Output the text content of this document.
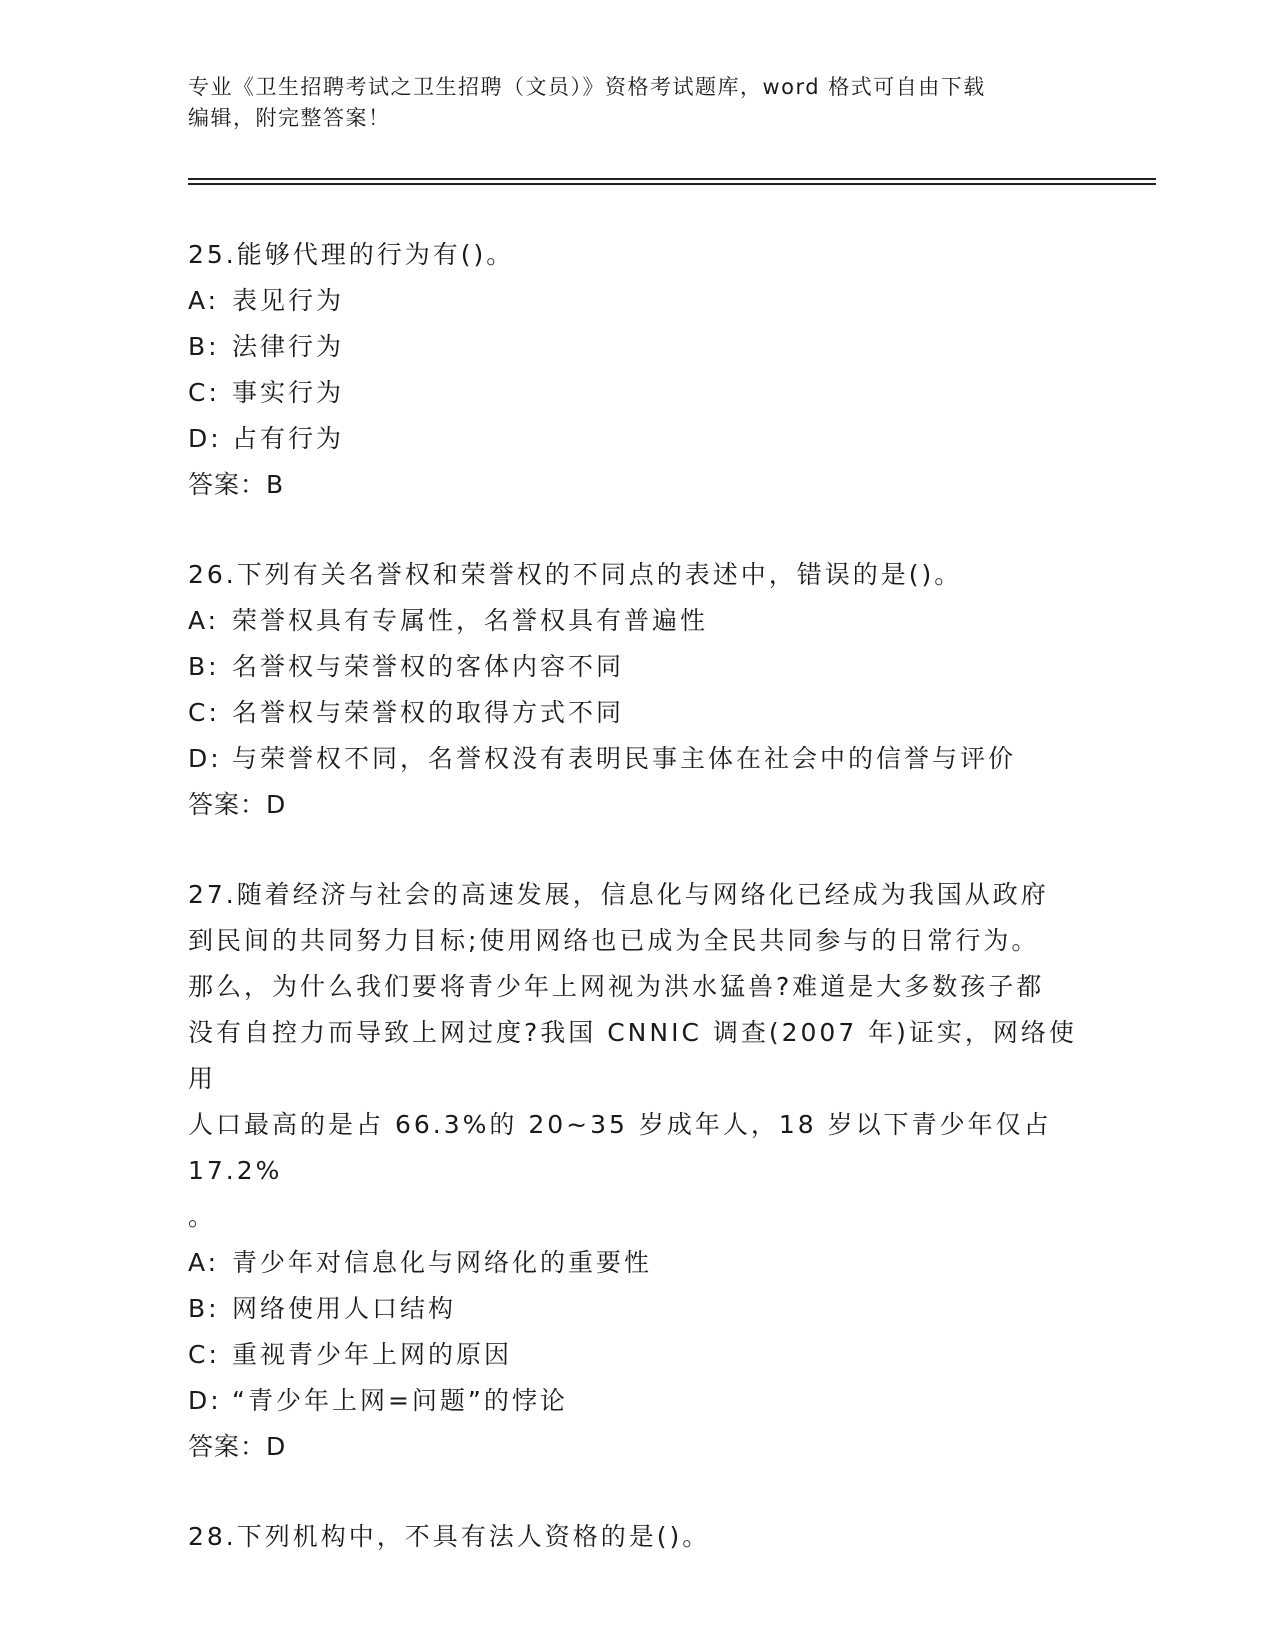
专业《卫生招聘考试之卫生招聘（文员）》资格考试题库，word 格式可自由下载
编辑，附完整答案！
25.能够代理的行为有()。
A: 表见行为
B: 法律行为
C: 事实行为
D: 占有行为
答案：B
26.下列有关名誉权和荣誉权的不同点的表述中，错误的是()。
A: 荣誉权具有专属性，名誉权具有普遍性
B: 名誉权与荣誉权的客体内容不同
C: 名誉权与荣誉权的取得方式不同
D: 与荣誉权不同，名誉权没有表明民事主体在社会中的信誉与评价
答案：D
27.随着经济与社会的高速发展，信息化与网络化已经成为我国从政府
到民间的共同努力目标;使用网络也已成为全民共同参与的日常行为。
那么，为什么我们要将青少年上网视为洪水猛兽?难道是大多数孩子都
没有自控力而导致上网过度?我国 CNNIC 调查(2007 年)证实，网络使用
人口最高的是占 66.3%的 20~35 岁成年人，18 岁以下青少年仅占 17.2%
。
A: 青少年对信息化与网络化的重要性
B: 网络使用人口结构
C: 重视青少年上网的原因
D: “青少年上网=问题”的悖论
答案：D
28.下列机构中，不具有法人资格的是()。
